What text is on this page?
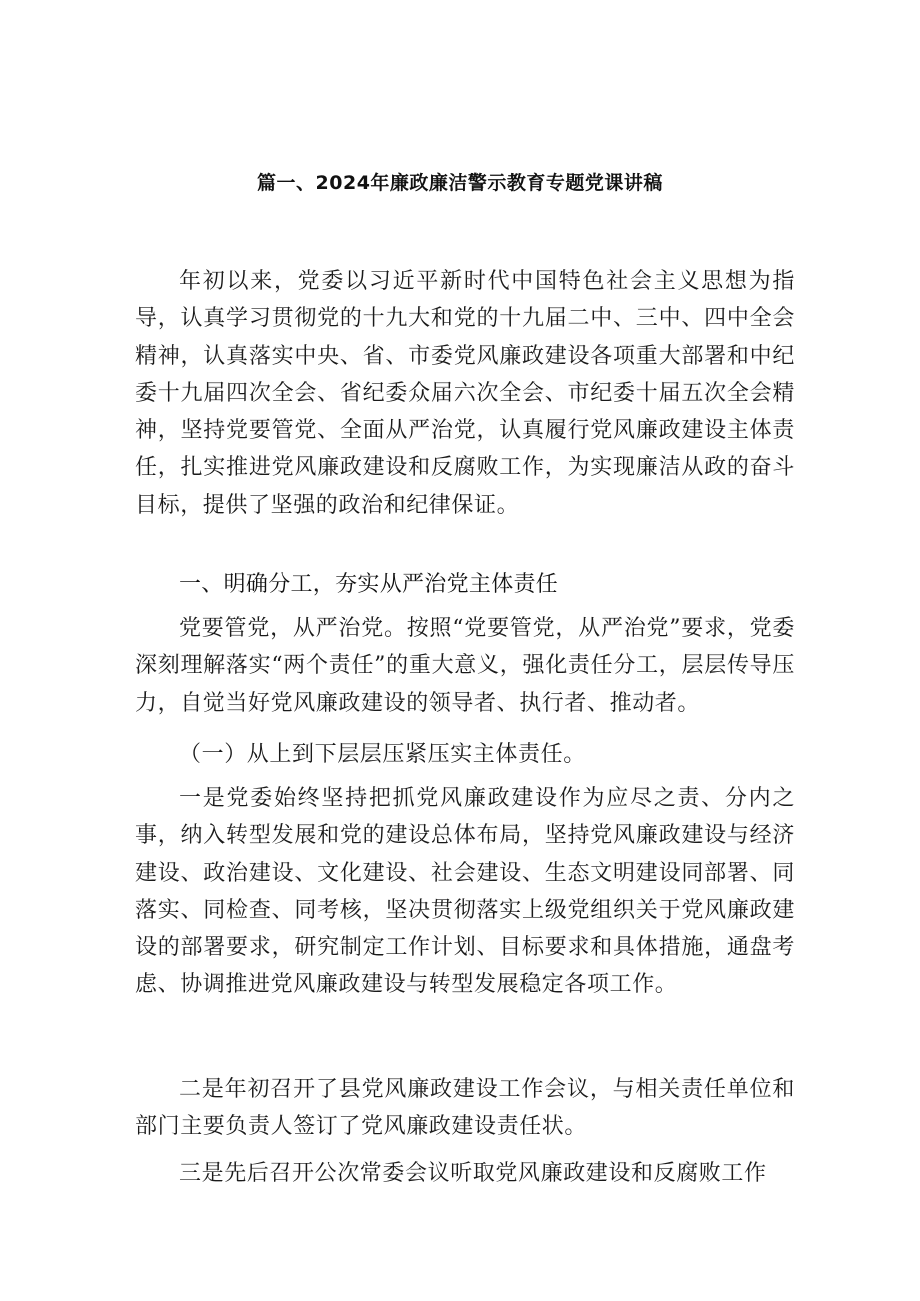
篇一、2024年廉政廉洁警示教育专题党课讲稿

年初以来，党委以习近平新时代中国特色社会主义思想为指导，认真学习贯彻党的十九大和党的十九届二中、三中、四中全会精神，认真落实中央、省、市委党风廉政建设各项重大部署和中纪委十九届四次全会、省纪委众届六次全会、市纪委十届五次全会精神，坚持党要管党、全面从严治党，认真履行党风廉政建设主体责任，扎实推进党风廉政建设和反腐败工作，为实现廉洁从政的奋斗目标，提供了坚强的政治和纪律保证。

一、明确分工，夯实从严治党主体责任

党要管党，从严治党。按照“党要管党，从严治党”要求，党委深刻理解落实“两个责任”的重大意义，强化责任分工，层层传导压力，自觉当好党风廉政建设的领导者、执行者、推动者。

（一）从上到下层层压紧压实主体责任。

一是党委始终坚持把抓党风廉政建设作为应尽之责、分内之事，纳入转型发展和党的建设总体布局，坚持党风廉政建设与经济建设、政治建设、文化建设、社会建设、生态文明建设同部署、同落实、同检查、同考核，坚决贯彻落实上级党组织关于党风廉政建设的部署要求，研究制定工作计划、目标要求和具体措施，通盘考虑、协调推进党风廉政建设与转型发展稳定各项工作。

二是年初召开了县党风廉政建设工作会议，与相关责任单位和部门主要负责人签订了党风廉政建设责任状。

三是先后召开公次常委会议听取党风廉政建设和反腐败工作
